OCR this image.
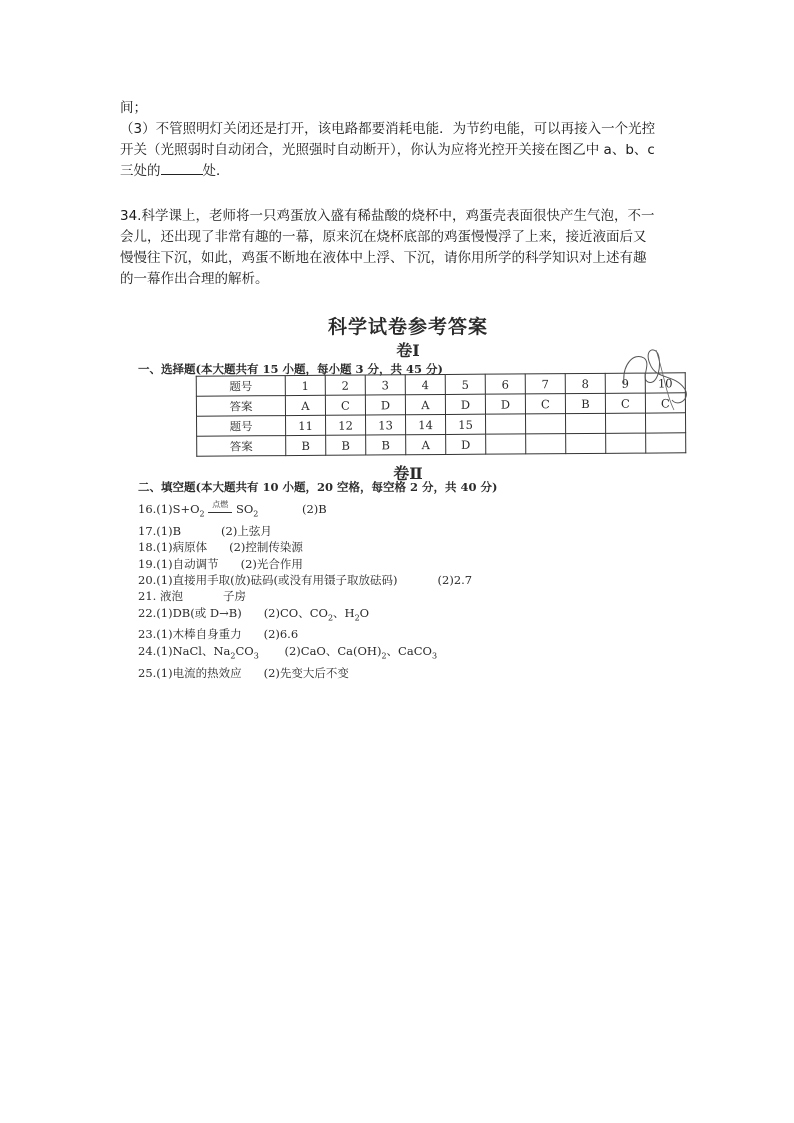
间；

（3）不管照明灯关闭还是打开，该电路都要消耗电能．为节约电能，可以再接入一个光控

开关（光照弱时自动闭合，光照强时自动断开），你认为应将光控开关接在图乙中 a、b、c

三处的	处．

34.科学课上，老师将一只鸡蛋放入盛有稀盐酸的烧杯中，鸡蛋壳表面很快产生气泡，不一

会儿，还出现了非常有趣的一幕，原来沉在烧杯底部的鸡蛋慢慢浮了上来，接近液面后又

慢慢往下沉，如此，鸡蛋不断地在液体中上浮、下沉，请你用所学的科学知识对上述有趣

的一幕作出合理的解析。

科学试卷参考答案
卷Ⅰ
一、选择题(本大题共有 15 小题，每小题 3 分，共 45 分)
题号	1	2	3	4	5	6	7	8	9	10
答案	A	C	D	A	D	D	C	B	C	C
题号	11	12	13	14	15					
答案	B	B	B	A	D					
卷Ⅱ
二、填空题(本大题共有 10 小题，20 空格，每空格 2 分，共 40 分)
$16.(1)S+O_2$
点燃 $SO_2$	(2)B
17.(1)B	(2)上弦月
18.(1)病原体 (2)控制传染源
19.(1)自动调节 (2)光合作用
20.(1)直接用手取(放)砝码(或没有用镊子取放砝码)	(2)2.7
21. 液泡	子房
22.(1)DB(或 D→B) (2)CO、$CO_2$、$H_2O$
23.(1)木棒自身重力 (2)6.6
24.(1)NaCl、$Na_2CO_3$ (2)CaO、$Ca(OH)_2$、CaCO$_3$
25.(1)电流的热效应 (2)先变大后不变
